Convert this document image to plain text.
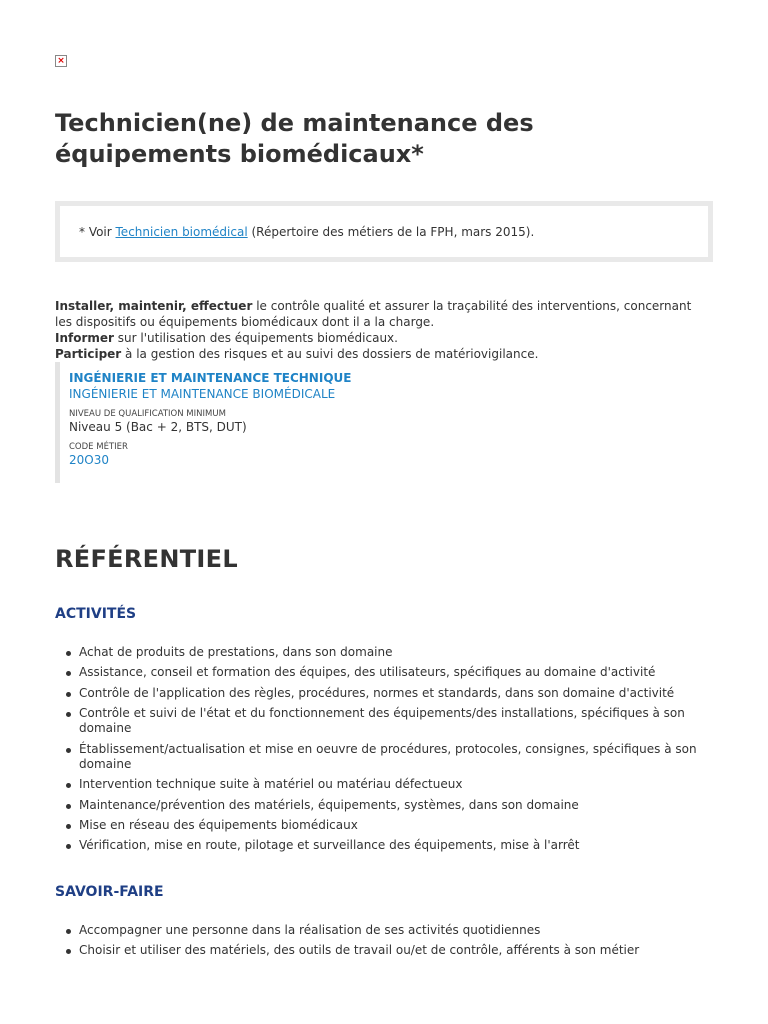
×
Technicien(ne) de maintenance des équipements biomédicaux*
* Voir Technicien biomédical (Répertoire des métiers de la FPH, mars 2015).
Installer, maintenir, effectuer le contrôle qualité et assurer la traçabilité des interventions, concernant les dispositifs ou équipements biomédicaux dont il a la charge.
Informer sur l'utilisation des équipements biomédicaux.
Participer à la gestion des risques et au suivi des dossiers de matériovigilance.
INGÉNIERIE ET MAINTENANCE TECHNIQUE
INGÉNIERIE ET MAINTENANCE BIOMÉDICALE
NIVEAU DE QUALIFICATION MINIMUM
Niveau 5 (Bac + 2, BTS, DUT)
CODE MÉTIER
20O30
RÉFÉRENTIEL
ACTIVITÉS
Achat de produits de prestations, dans son domaine
Assistance, conseil et formation des équipes, des utilisateurs, spécifiques au domaine d'activité
Contrôle de l'application des règles, procédures, normes et standards, dans son domaine d'activité
Contrôle et suivi de l'état et du fonctionnement des équipements/des installations, spécifiques à son domaine
Établissement/actualisation et mise en oeuvre de procédures, protocoles, consignes, spécifiques à son domaine
Intervention technique suite à matériel ou matériau défectueux
Maintenance/prévention des matériels, équipements, systèmes, dans son domaine
Mise en réseau des équipements biomédicaux
Vérification, mise en route, pilotage et surveillance des équipements, mise à l'arrêt
SAVOIR-FAIRE
Accompagner une personne dans la réalisation de ses activités quotidiennes
Choisir et utiliser des matériels, des outils de travail ou/et de contrôle, afférents à son métier
